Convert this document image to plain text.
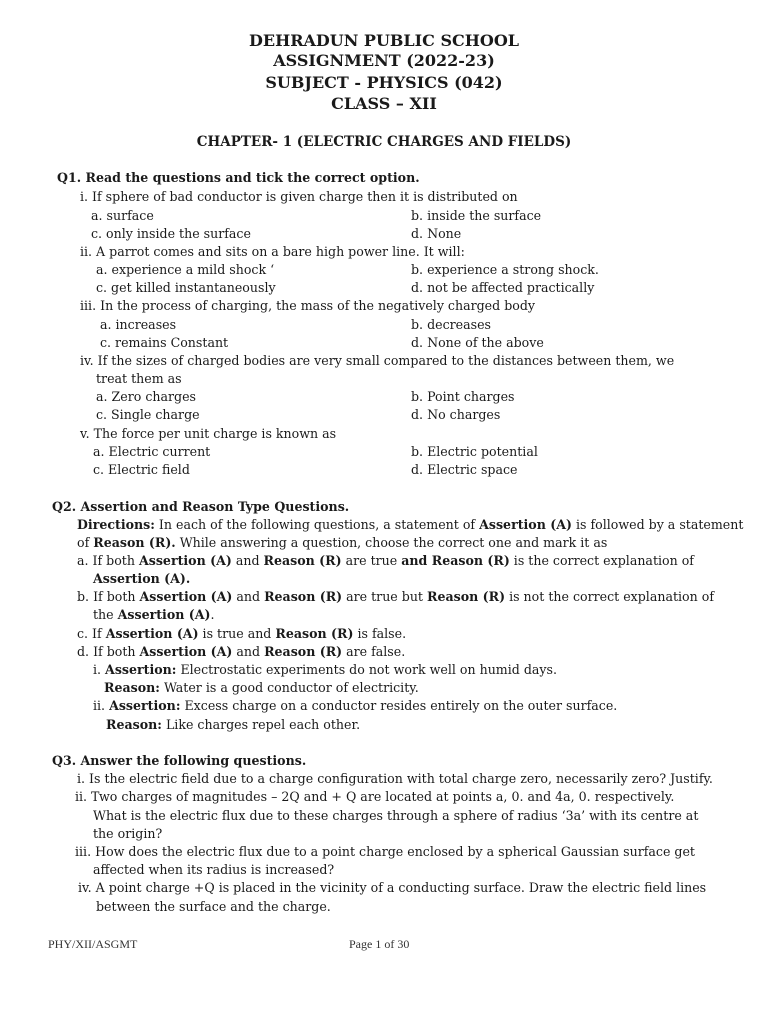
DEHRADUN PUBLIC SCHOOL
ASSIGNMENT (2022-23)
SUBJECT - PHYSICS (042)
CLASS – XII
CHAPTER- 1 (ELECTRIC CHARGES AND FIELDS)
Q1. Read the questions and tick the correct option.
i. If sphere of bad conductor is given charge then it is distributed on
a. surface	b. inside the surface
c. only inside the surface	d. None
ii. A parrot comes and sits on a bare high power line. It will:
a. experience a mild shock ‘	b. experience a strong shock.
c. get killed instantaneously	d. not be affected practically
iii. In the process of charging, the mass of the negatively charged body
a. increases	b. decreases
c. remains Constant	d. None of the above
iv. If the sizes of charged bodies are very small compared to the distances between them, we
treat them as
a. Zero charges	b. Point charges
c. Single charge	d. No charges
v. The force per unit charge is known as
a. Electric current	b. Electric potential
c. Electric field	d. Electric space
Q2. Assertion and Reason Type Questions.
Directions: In each of the following questions, a statement of Assertion (A) is followed by a statement
of Reason (R). While answering a question, choose the correct one and mark it as
a. If both Assertion (A) and Reason (R) are true and Reason (R) is the correct explanation of
Assertion (A).
b. If both Assertion (A) and Reason (R) are true but Reason (R) is not the correct explanation of
the Assertion (A).
c. If Assertion (A) is true and Reason (R) is false.
d. If both Assertion (A) and Reason (R) are false.
i. Assertion: Electrostatic experiments do not work well on humid days.
Reason: Water is a good conductor of electricity.
ii. Assertion: Excess charge on a conductor resides entirely on the outer surface.
Reason: Like charges repel each other.
Q3. Answer the following questions.
i. Is the electric field due to a charge configuration with total charge zero, necessarily zero? Justify.
ii. Two charges of magnitudes – 2Q and + Q are located at points a, 0. and 4a, 0. respectively.
What is the electric flux due to these charges through a sphere of radius ‘3a’ with its centre at
the origin?
iii. How does the electric flux due to a point charge enclosed by a spherical Gaussian surface get
affected when its radius is increased?
iv. A point charge +Q is placed in the vicinity of a conducting surface. Draw the electric field lines
between the surface and the charge.
PHY/XII/ASGMT	Page 1 of 30
